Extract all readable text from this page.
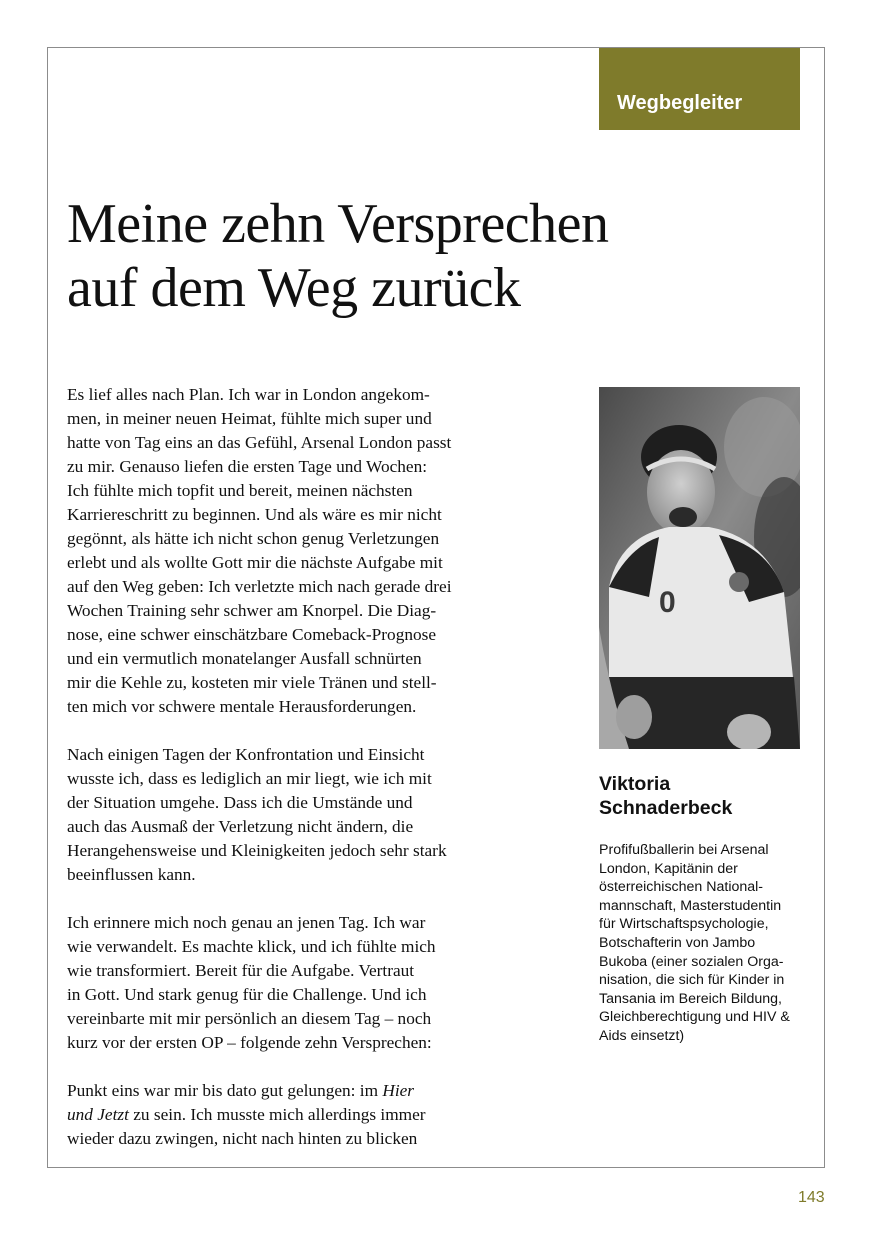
Wegbegleiter
Meine zehn Versprechen
auf dem Weg zurück
Es lief alles nach Plan. Ich war in London angekom-
men, in meiner neuen Heimat, fühlte mich super und
hatte von Tag eins an das Gefühl, Arsenal London passt
zu mir. Genauso liefen die ersten Tage und Wochen:
Ich fühlte mich topfit und bereit, meinen nächsten
Karriereschritt zu beginnen. Und als wäre es mir nicht
gegönnt, als hätte ich nicht schon genug Verletzungen
erlebt und als wollte Gott mir die nächste Aufgabe mit
auf den Weg geben: Ich verletzte mich nach gerade drei
Wochen Training sehr schwer am Knorpel. Die Diag-
nose, eine schwer einschätzbare Comeback-Prognose
und ein vermutlich monatelanger Ausfall schnürten
mir die Kehle zu, kosteten mir viele Tränen und stell-
ten mich vor schwere mentale Herausforderungen.
Nach einigen Tagen der Konfrontation und Einsicht
wusste ich, dass es lediglich an mir liegt, wie ich mit
der Situation umgehe. Dass ich die Umstände und
auch das Ausmaß der Verletzung nicht ändern, die
Herangehensweise und Kleinigkeiten jedoch sehr stark
beeinflussen kann.
Ich erinnere mich noch genau an jenen Tag. Ich war
wie verwandelt. Es machte klick, und ich fühlte mich
wie transformiert. Bereit für die Aufgabe. Vertraut
in Gott. Und stark genug für die Challenge. Und ich
vereinbarte mit mir persönlich an diesem Tag – noch
kurz vor der ersten OP – folgende zehn Versprechen:
Punkt eins war mir bis dato gut gelungen: im Hier
und Jetzt zu sein. Ich musste mich allerdings immer
wieder dazu zwingen, nicht nach hinten zu blicken
0
Viktoria
Schnaderbeck
Profifußballerin bei Arsenal
London, Kapitänin der
österreichischen National-
mannschaft, Masterstudentin
für Wirtschaftspsychologie,
Botschafterin von Jambo
Bukoba (einer sozialen Orga-
nisation, die sich für Kinder in
Tansania im Bereich Bildung,
Gleichberechtigung und HIV &
Aids einsetzt)
143
